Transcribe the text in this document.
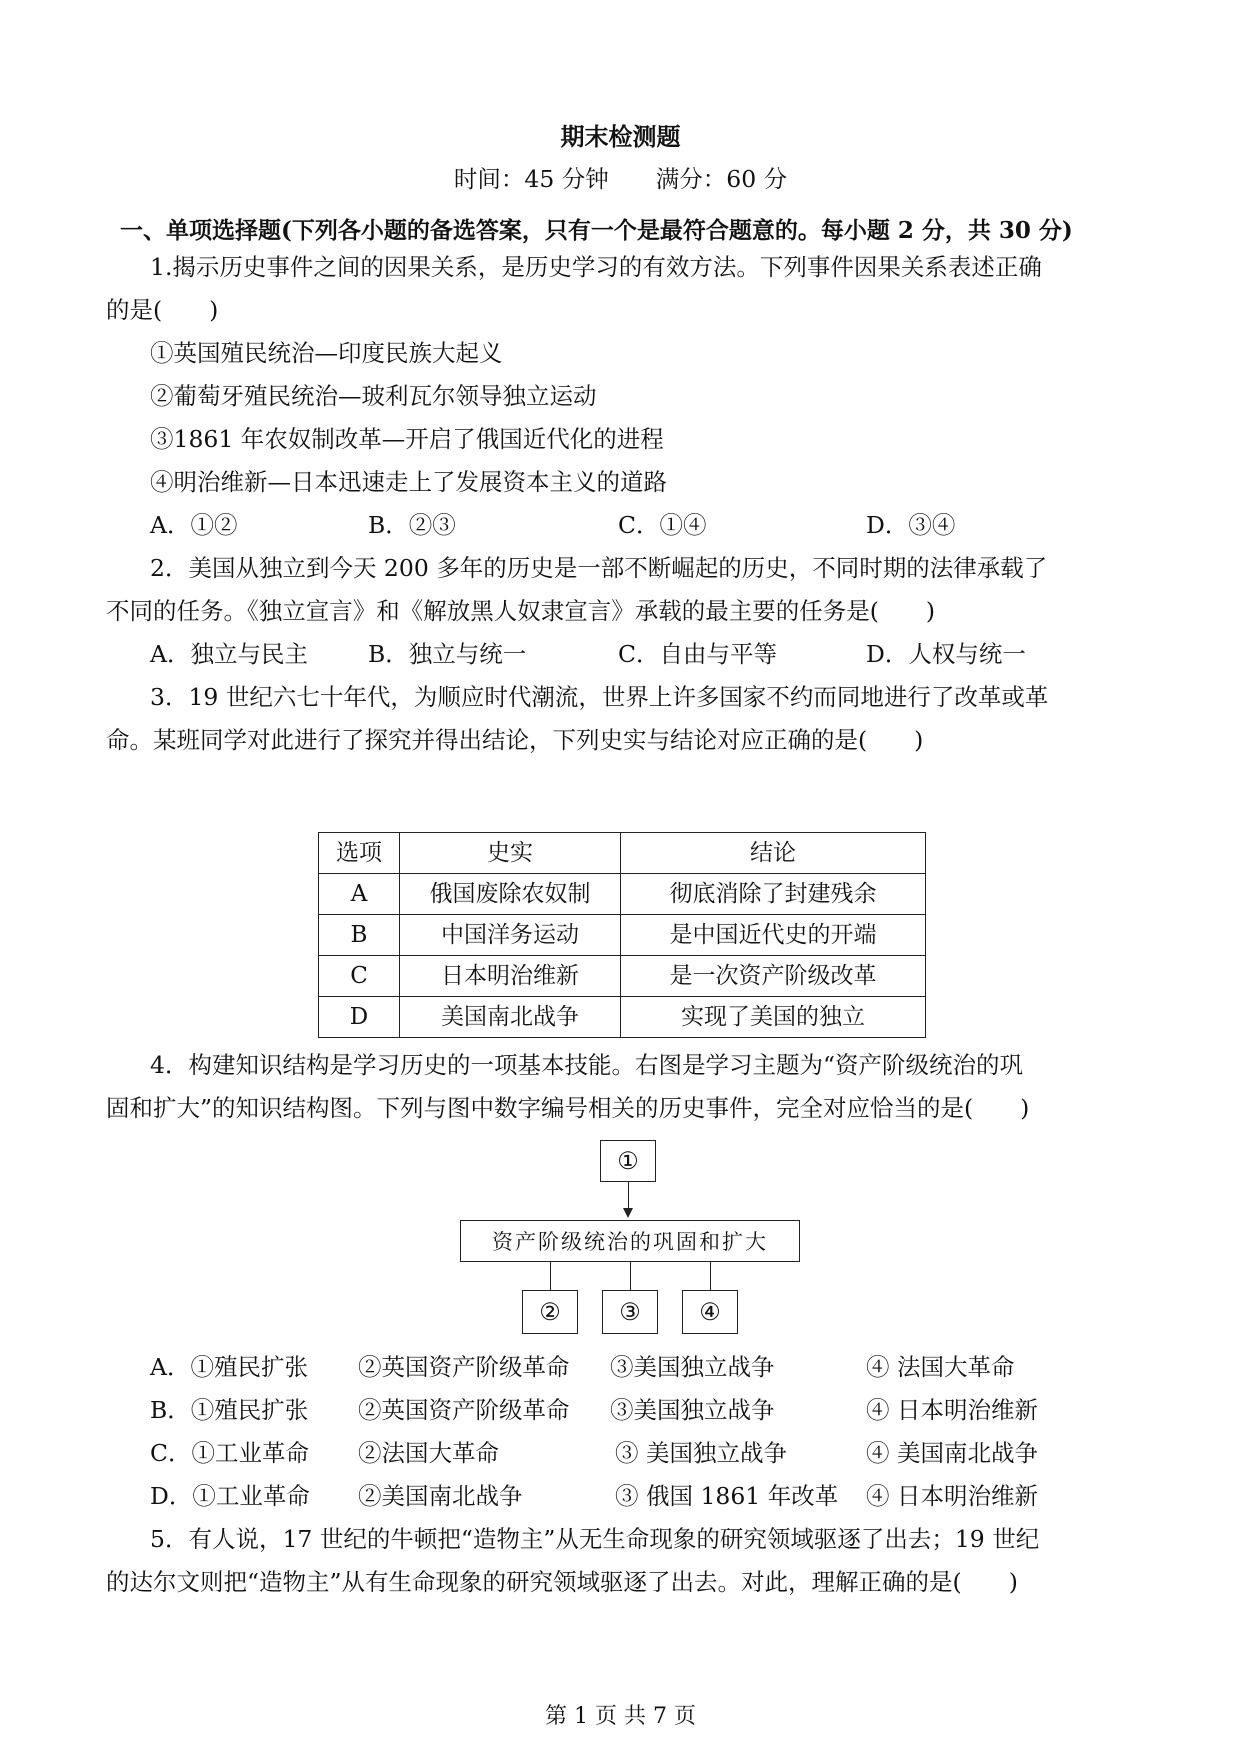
期末检测题
时间：45 分钟　　满分：60 分
一、单项选择题(下列各小题的备选答案，只有一个是最符合题意的。每小题 2 分，共 30 分)
1.揭示历史事件之间的因果关系，是历史学习的有效方法。下列事件因果关系表述正确
的是(　　)
①英国殖民统治—印度民族大起义
②葡萄牙殖民统治—玻利瓦尔领导独立运动
③1861 年农奴制改革—开启了俄国近代化的进程
④明治维新—日本迅速走上了发展资本主义的道路
A．①②	B．②③	C．①④	D．③④
2．美国从独立到今天 200 多年的历史是一部不断崛起的历史，不同时期的法律承载了
不同的任务。《独立宣言》和《解放黑人奴隶宣言》承载的最主要的任务是(　　)
A．独立与民主	B．独立与统一	C．自由与平等	D．人权与统一
3．19 世纪六七十年代，为顺应时代潮流，世界上许多国家不约而同地进行了改革或革
命。某班同学对此进行了探究并得出结论，下列史实与结论对应正确的是(　　)
选项	史实	结论
A	俄国废除农奴制	彻底消除了封建残余
B	中国洋务运动	是中国近代史的开端
C	日本明治维新	是一次资产阶级改革
D	美国南北战争	实现了美国的独立
4．构建知识结构是学习历史的一项基本技能。右图是学习主题为“资产阶级统治的巩
固和扩大”的知识结构图。下列与图中数字编号相关的历史事件，完全对应恰当的是(　　)
①
资产阶级统治的巩固和扩大
②	③	④
A．①殖民扩张 ②英国资产阶级革命 ③美国独立战争	④ 法国大革命
B．①殖民扩张 ②英国资产阶级革命 ③美国独立战争	④ 日本明治维新
C．①工业革命 ②法国大革命	③ 美国独立战争	④ 美国南北战争
D．①工业革命 ②美国南北战争	③ 俄国 1861 年改革 ④ 日本明治维新
5．有人说，17 世纪的牛顿把“造物主”从无生命现象的研究领域驱逐了出去；19 世纪
的达尔文则把“造物主”从有生命现象的研究领域驱逐了出去。对此，理解正确的是(　　)
第 1 页 共 7 页
